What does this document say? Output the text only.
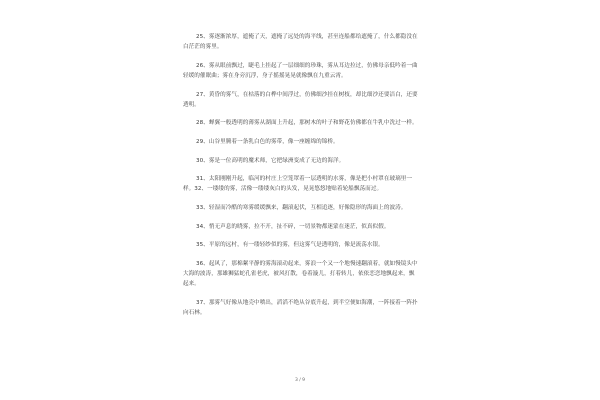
25、雾逐渐浓厚，遮掩了天，遮掩了远处的海平线，甚至连船都给遮掩了，什么都隐没在白茫茫的雾里。

26、雾从眼前飘过，睫毛上挂起了一层细细的珍珠，雾从耳边拉过，仿佛母亲低吟着一曲轻缓的催眠曲；雾在身旁沉浮，身子摇摇晃晃就像飘在九重云霄。

27、黄昏的雾气，在枯落的白桦中间浮过，仿佛细沙挂在树枝，却比细沙还要洁白，还要透明。

28、蝉翼一般透明的薄雾从湖面上升起，那树木的叶子和野花仿佛都在牛乳中洗过一样。

29、山谷里腾着一条乳白色的雾带，像一座缠绵的锦桥。

30、雾是一位高明的魔术师，它把绿洲变成了无边的海洋。

31、太阳刚刚升起，临河的村庄上空笼罩着一层透明的水雾，像是把小村罩在玻璃里一样。32、一缕缕的雾，活像一缕缕灰白的头发，晃晃悠悠地贴着轮船飘荡而过。

33、轻湿而冷酷的寒雾缓缓飘来，翻滚起伏，互相追逐，好像隐形的海面上的波涛。

34、悄无声息的晓雾，拉不开，扯不碎，一切景物都迷蒙在迷茫，似真似假。

35、平原的远村，有一缕轻纱似的雾，但这雾气是透明的，像是流荡水银。

36、起风了，那棉絮平静的雾海滚动起来，雾浪一个又一个地慢速翻滚着，就如慢镜头中大海的波涛，那雄狮猛蛇孔雀老虎，被风打散，卷着漩儿，打着转儿，依依恋恋地飘起来，飘起来。

37、那雾气好像从地壳中喷出，滔滔不绝从谷底升起，到半空便如海潮，一阵接着一阵扑向石林。

3 / 9
